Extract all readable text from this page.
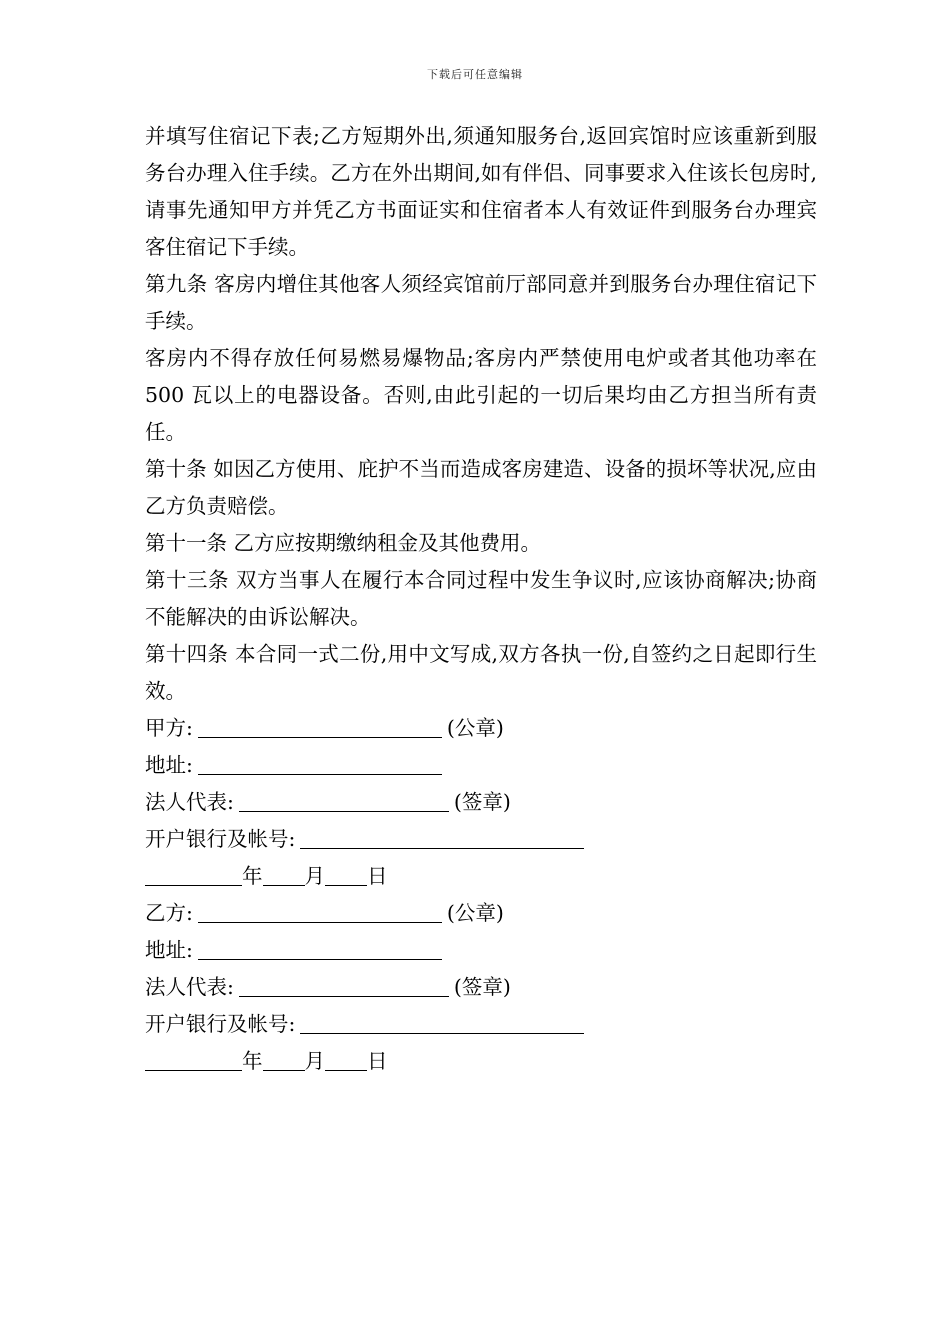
下载后可任意编辑

并填写住宿记下表;乙方短期外出,须通知服务台,返回宾馆时应该重新到服务台办理入住手续。乙方在外出期间,如有伴侣、同事要求入住该长包房时,请事先通知甲方并凭乙方书面证实和住宿者本人有效证件到服务台办理宾客住宿记下手续。

第九条 客房内增住其他客人须经宾馆前厅部同意并到服务台办理住宿记下手续。

客房内不得存放任何易燃易爆物品;客房内严禁使用电炉或者其他功率在 500 瓦以上的电器设备。否则,由此引起的一切后果均由乙方担当所有责任。

第十条 如因乙方使用、庇护不当而造成客房建造、设备的损坏等状况,应由乙方负责赔偿。

第十一条 乙方应按期缴纳租金及其他费用。

第十三条 双方当事人在履行本合同过程中发生争议时,应该协商解决;协商不能解决的由诉讼解决。

第十四条 本合同一式二份,用中文写成,双方各执一份,自签约之日起即行生效。

甲方:	(公章)

地址:

法人代表:	(签章)

开户银行及帐号:

年 月 日

乙方:	(公章)

地址:

法人代表:	(签章)

开户银行及帐号:

年 月 日
